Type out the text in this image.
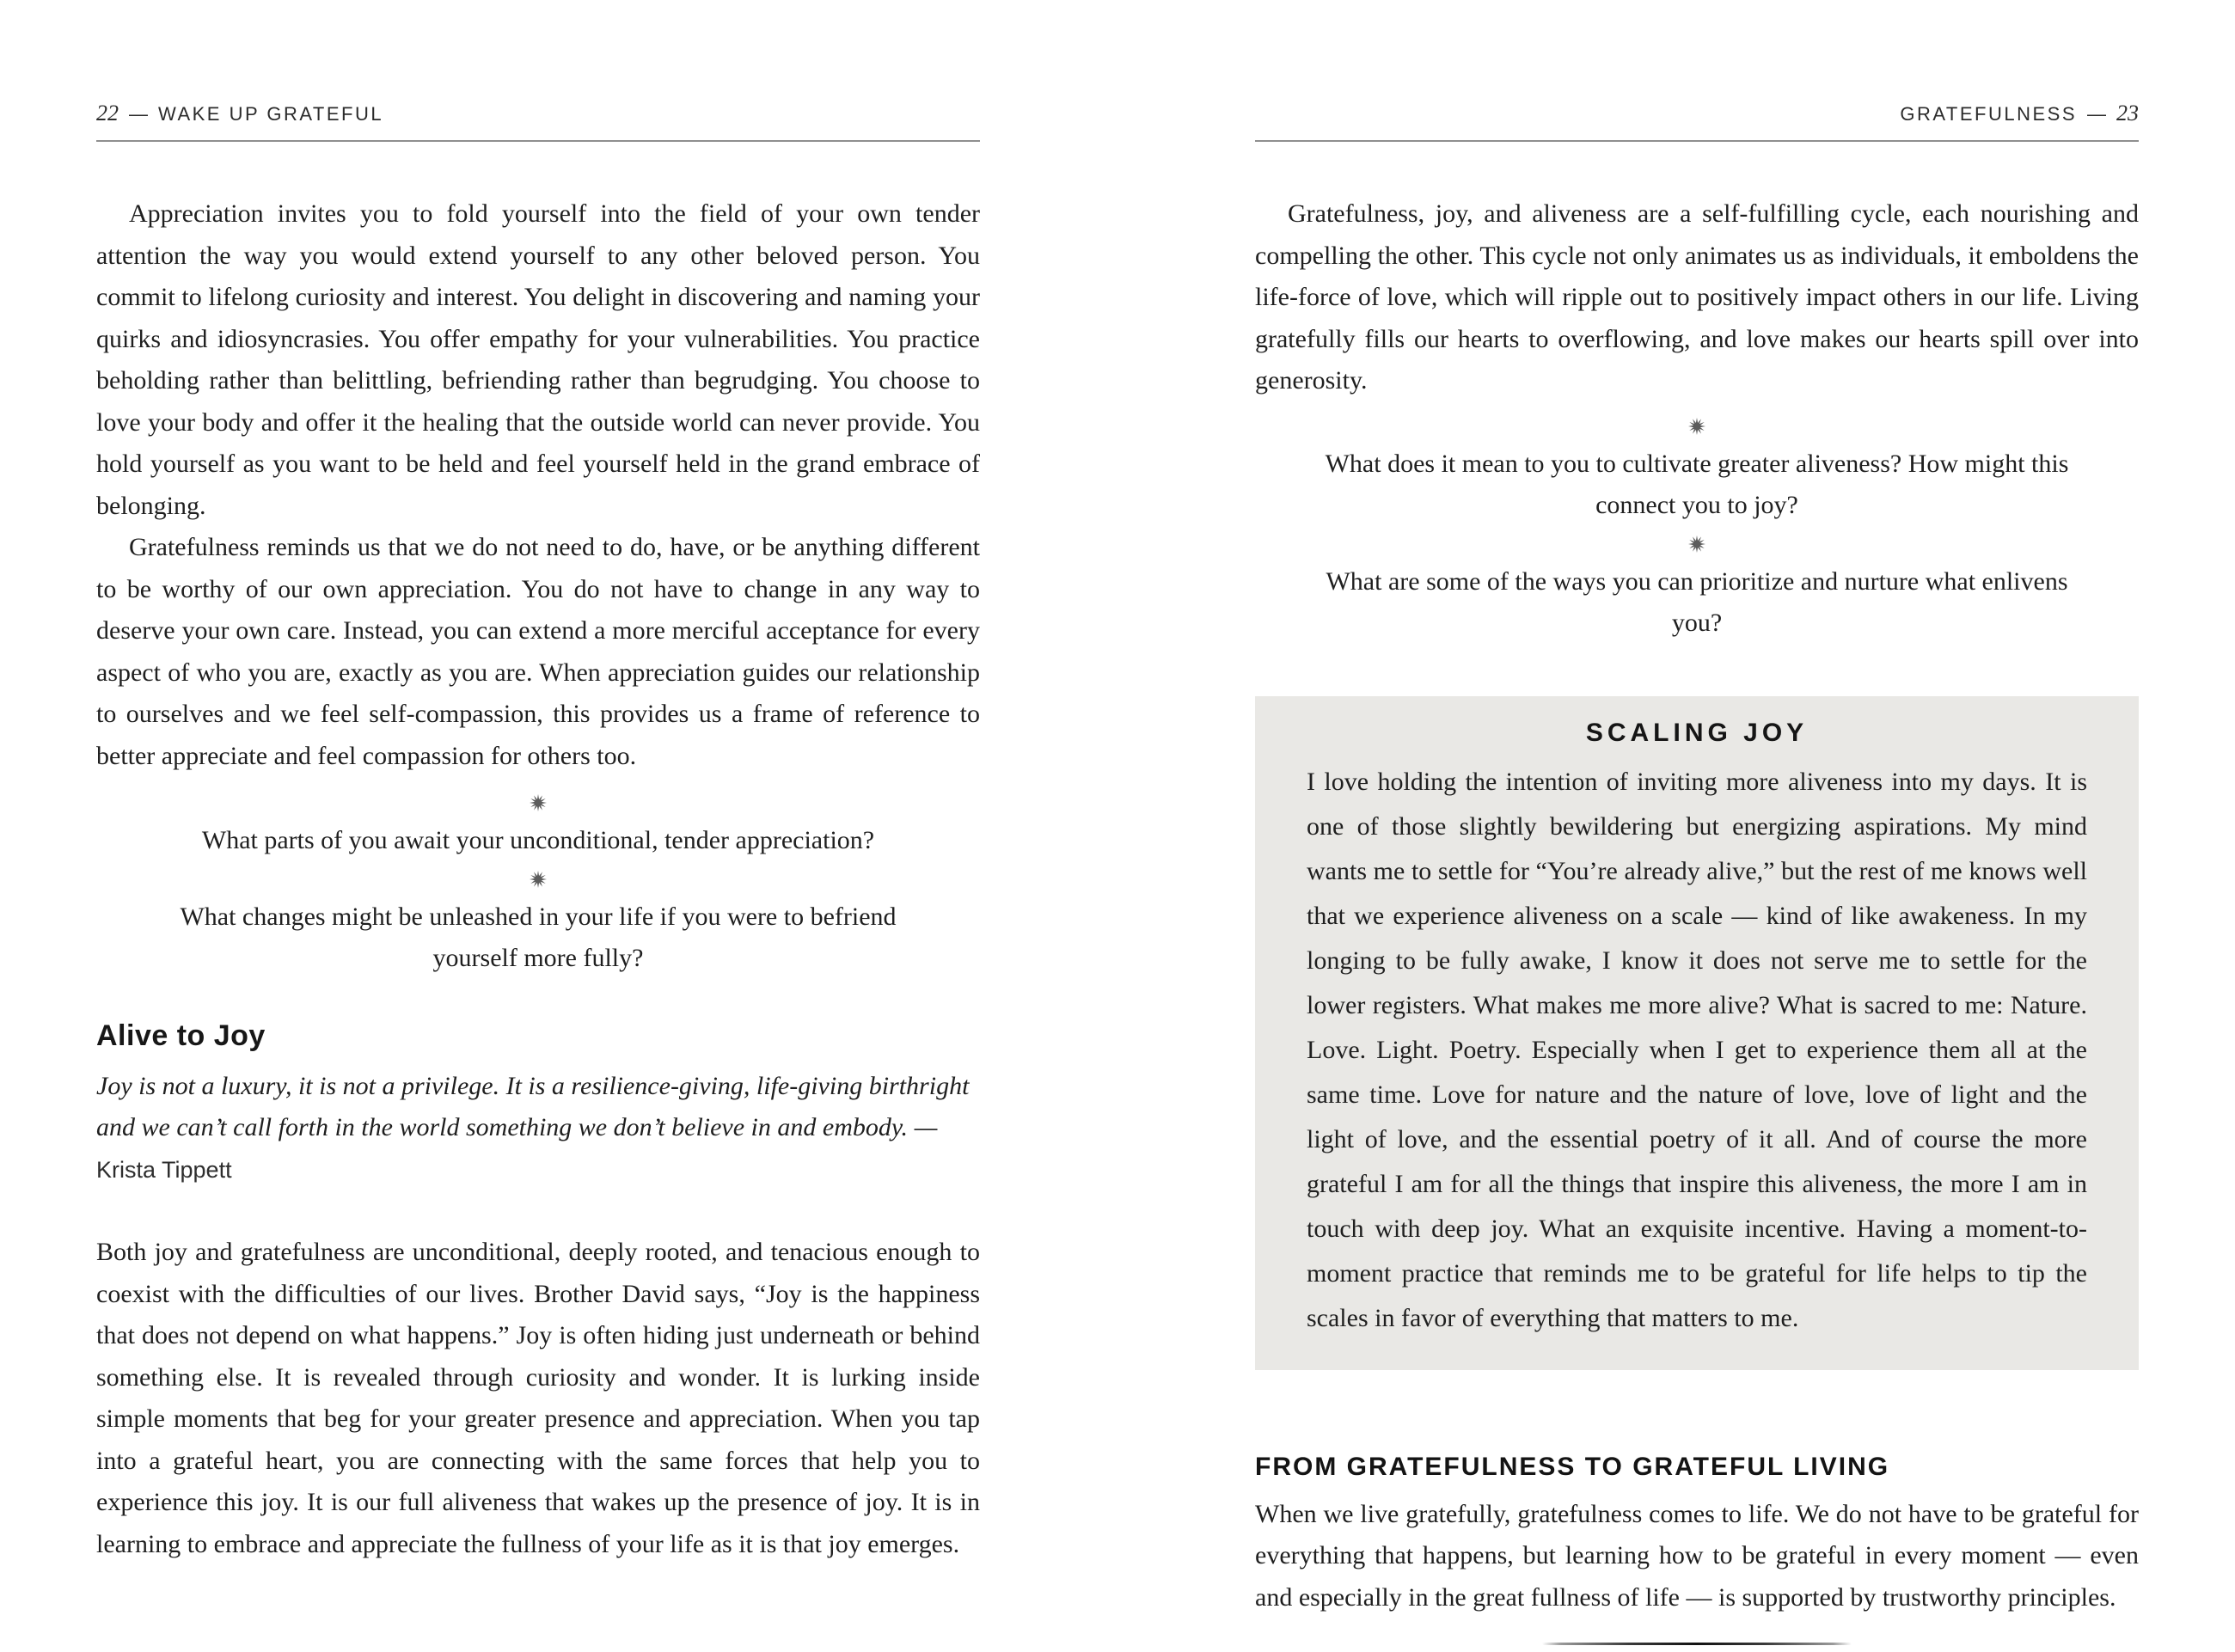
22 — WAKE UP GRATEFUL

Appreciation invites you to fold yourself into the field of your own tender attention the way you would extend yourself to any other beloved person. You commit to lifelong curiosity and interest. You delight in discovering and naming your quirks and idiosyncrasies. You offer empathy for your vulnerabilities. You practice beholding rather than belittling, befriending rather than begrudging. You choose to love your body and offer it the healing that the outside world can never provide. You hold yourself as you want to be held and feel yourself held in the grand embrace of belonging.

Gratefulness reminds us that we do not need to do, have, or be anything different to be worthy of our own appreciation. You do not have to change in any way to deserve your own care. Instead, you can extend a more merciful acceptance for every aspect of who you are, exactly as you are. When appreciation guides our relationship to ourselves and we feel self-compassion, this provides us a frame of reference to better appreciate and feel compassion for others too.

What parts of you await your unconditional, tender appreciation?

What changes might be unleashed in your life if you were to befriend yourself more fully?

Alive to Joy

Joy is not a luxury, it is not a privilege. It is a resilience-giving, life-giving birthright and we can’t call forth in the world something we don’t believe in and embody. — Krista Tippett

Both joy and gratefulness are unconditional, deeply rooted, and tenacious enough to coexist with the difficulties of our lives. Brother David says, “Joy is the happiness that does not depend on what happens.” Joy is often hiding just underneath or behind something else. It is revealed through curiosity and wonder. It is lurking inside simple moments that beg for your greater presence and appreciation. When you tap into a grateful heart, you are connecting with the same forces that help you to experience this joy. It is our full aliveness that wakes up the presence of joy. It is in learning to embrace and appreciate the fullness of your life as it is that joy emerges.

GRATEFULNESS — 23

Gratefulness, joy, and aliveness are a self-fulfilling cycle, each nourishing and compelling the other. This cycle not only animates us as individuals, it emboldens the life-force of love, which will ripple out to positively impact others in our life. Living gratefully fills our hearts to overflowing, and love makes our hearts spill over into generosity.

What does it mean to you to cultivate greater aliveness? How might this connect you to joy?

What are some of the ways you can prioritize and nurture what enlivens you?

SCALING JOY

I love holding the intention of inviting more aliveness into my days. It is one of those slightly bewildering but energizing aspirations. My mind wants me to settle for “You’re already alive,” but the rest of me knows well that we experience aliveness on a scale — kind of like awakeness. In my longing to be fully awake, I know it does not serve me to settle for the lower registers. What makes me more alive? What is sacred to me: Nature. Love. Light. Poetry. Especially when I get to experience them all at the same time. Love for nature and the nature of love, love of light and the light of love, and the essential poetry of it all. And of course the more grateful I am for all the things that inspire this aliveness, the more I am in touch with deep joy. What an exquisite incentive. Having a moment-to-moment practice that reminds me to be grateful for life helps to tip the scales in favor of everything that matters to me.

FROM GRATEFULNESS TO GRATEFUL LIVING

When we live gratefully, gratefulness comes to life. We do not have to be grateful for everything that happens, but learning how to be grateful in every moment — even and especially in the great fullness of life — is supported by trustworthy principles.
